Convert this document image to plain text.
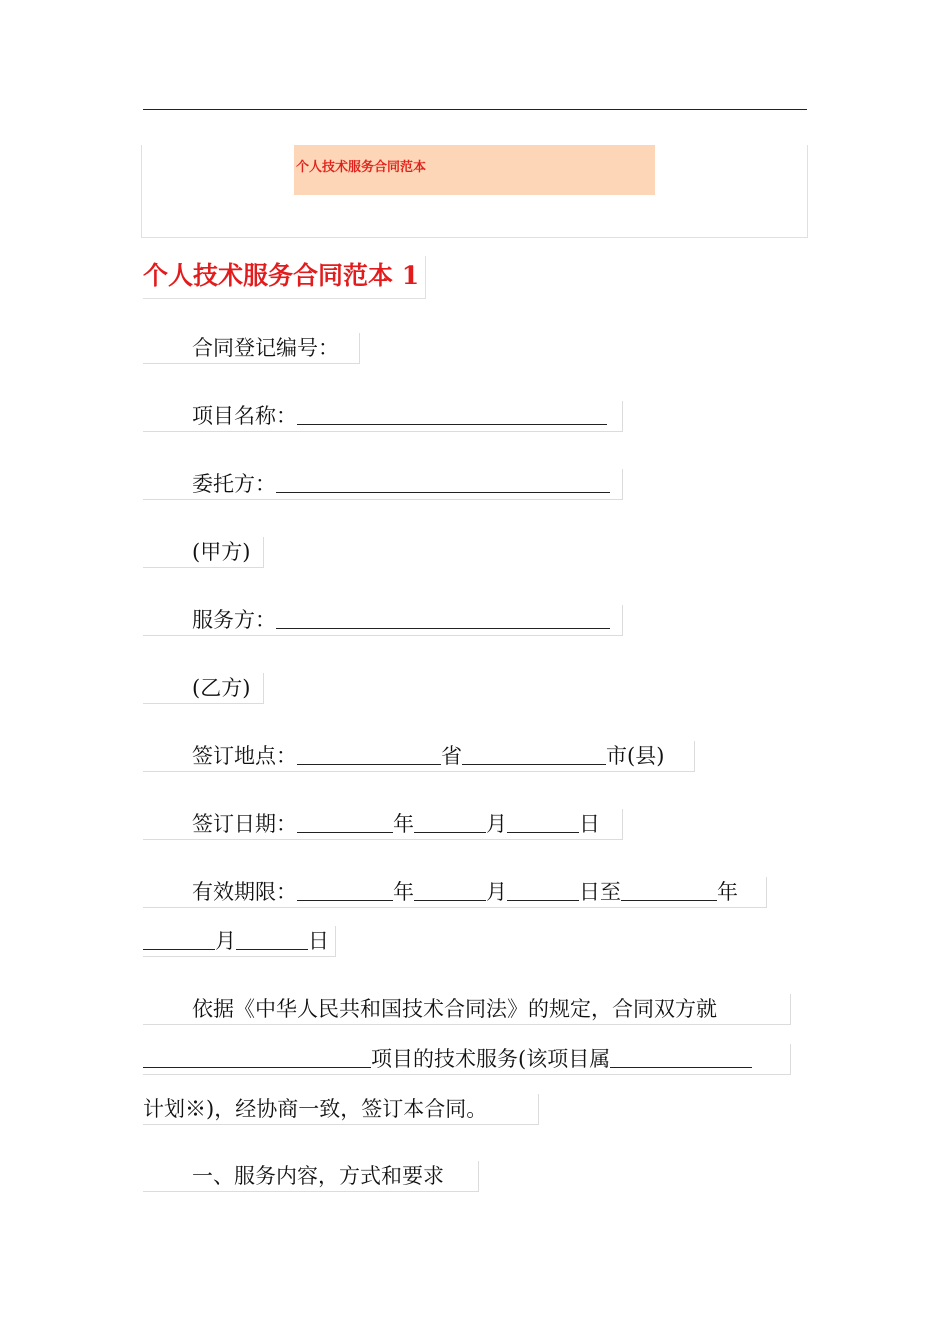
个人技术服务合同范本
个人技术服务合同范本 1
合同登记编号：
项目名称：
委托方：
(甲方)
服务方：
(乙方)
签订地点：	省	市(县)
签订日期：	年	月	日
有效期限：	年	月	日至	年
月	日
依据《中华人民共和国技术合同法》的规定，合同双方就
项目的技术服务(该项目属
计划※)，经协商一致，签订本合同。
一、服务内容，方式和要求
